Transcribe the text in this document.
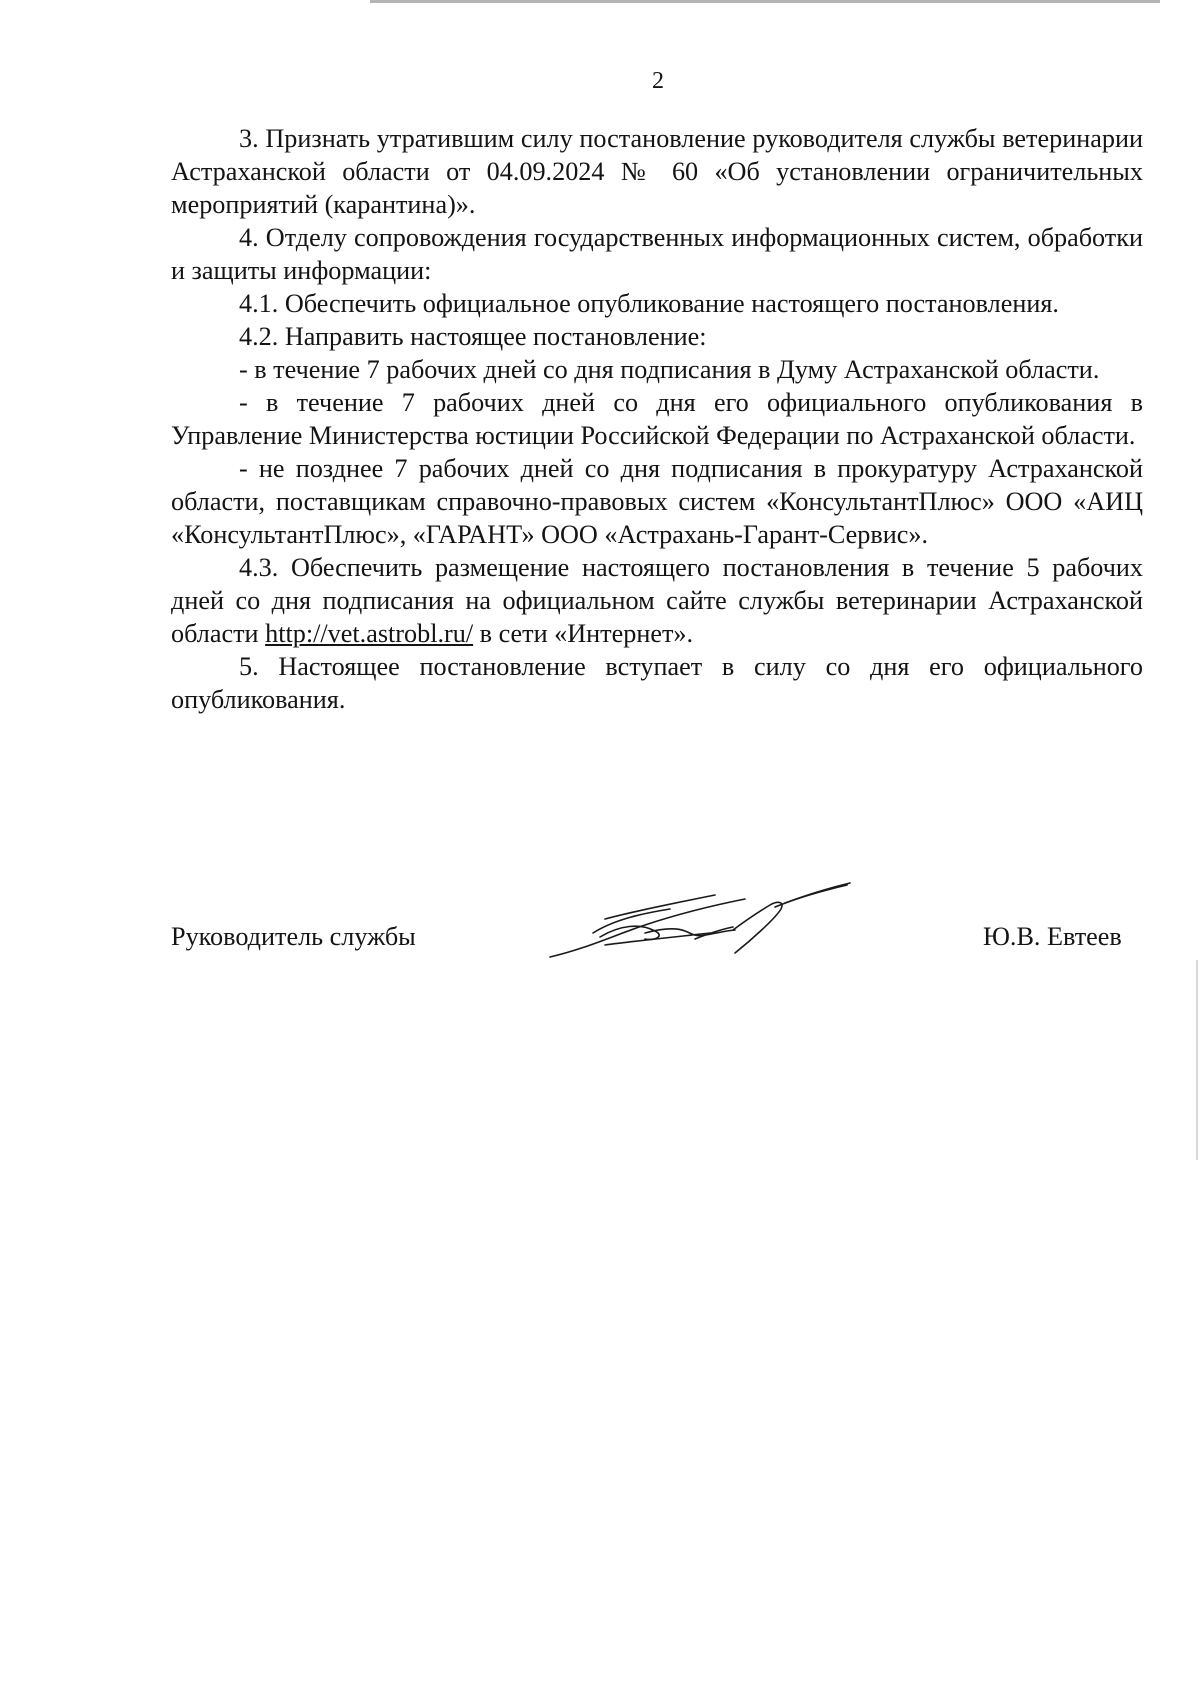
2

3. Признать утратившим силу постановление руководителя службы ветеринарии Астраханской области от 04.09.2024 № 60 «Об установлении ограничительных мероприятий (карантина)».

4. Отделу сопровождения государственных информационных систем, обработки и защиты информации:

4.1. Обеспечить официальное опубликование настоящего постановления.

4.2. Направить настоящее постановление:

- в течение 7 рабочих дней со дня подписания в Думу Астраханской области.

- в течение 7 рабочих дней со дня его официального опубликования в Управление Министерства юстиции Российской Федерации по Астраханской области.

- не позднее 7 рабочих дней со дня подписания в прокуратуру Астраханской области, поставщикам справочно-правовых систем «КонсультантПлюс» ООО «АИЦ «КонсультантПлюс», «ГАРАНТ» ООО «Астрахань-Гарант-Сервис».

4.3. Обеспечить размещение настоящего постановления в течение 5 рабочих дней со дня подписания на официальном сайте службы ветеринарии Астраханской области http://vet.astrobl.ru/ в сети «Интернет».

5. Настоящее постановление вступает в силу со дня его официального опубликования.

Руководитель службы	Ю.В. Евтеев
